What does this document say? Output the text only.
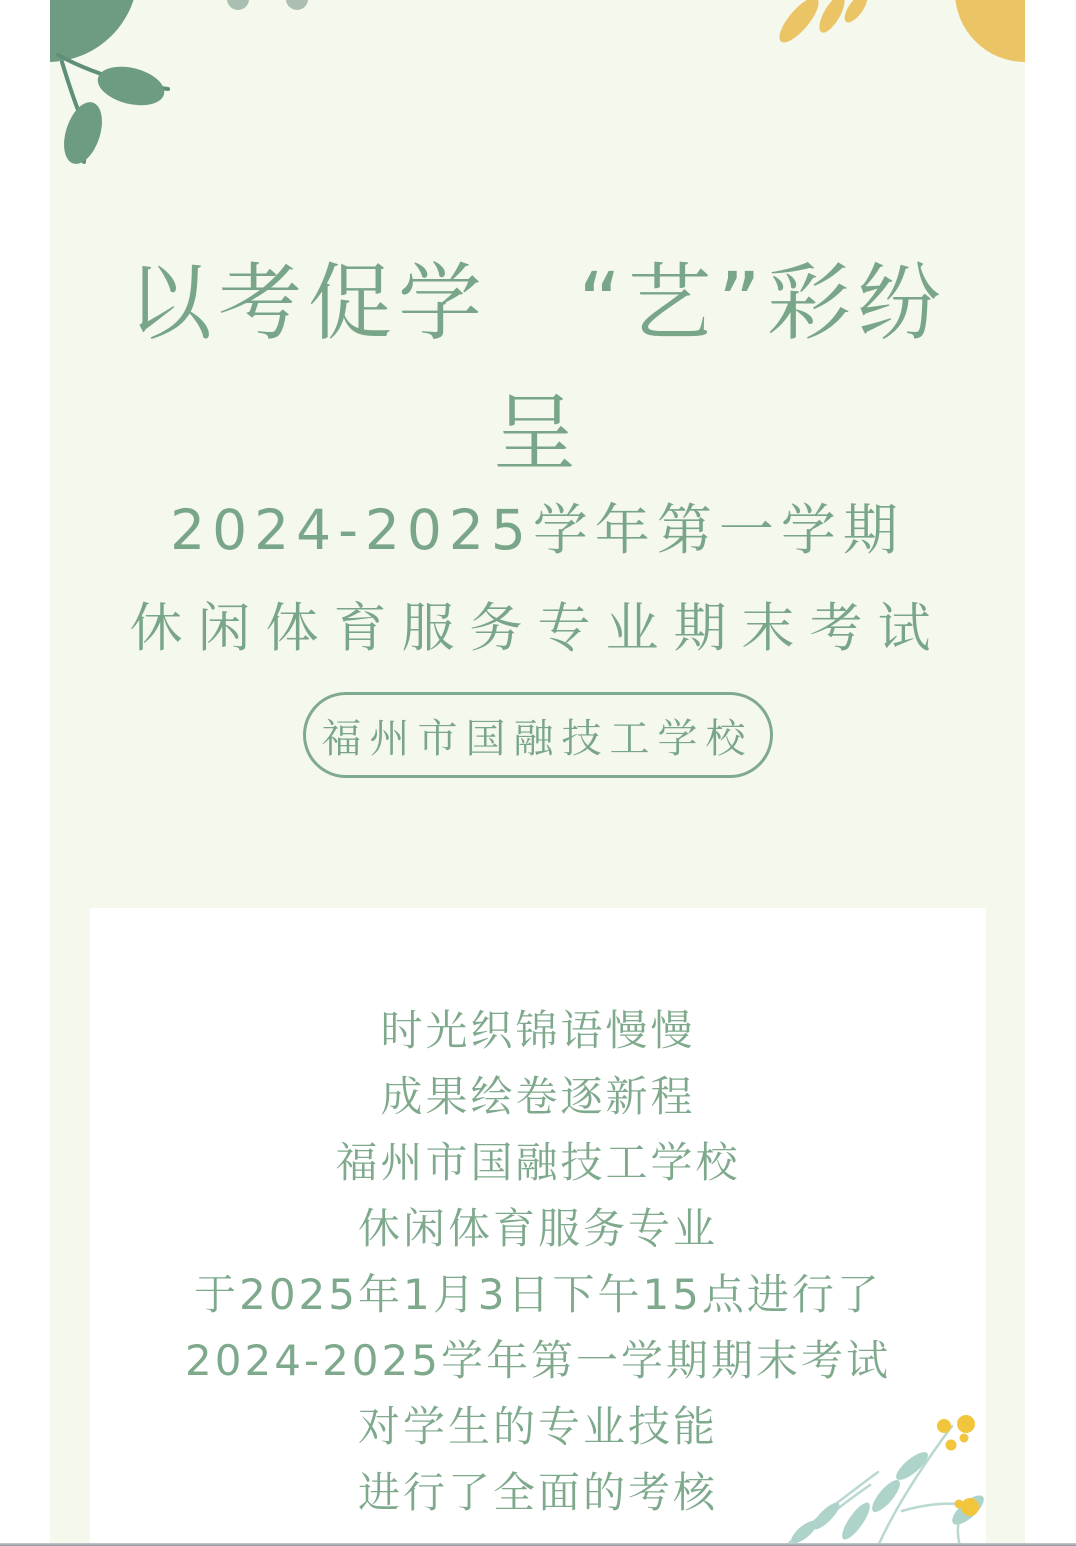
以考促学　“艺”彩纷
呈
2024-2025学年第一学期
休闲体育服务专业期末考试
福州市国融技工学校
时光织锦语慢慢
成果绘卷逐新程
福州市国融技工学校
休闲体育服务专业
于2025年1月3日下午15点进行了
2024-2025学年第一学期期末考试
对学生的专业技能
进行了全面的考核
